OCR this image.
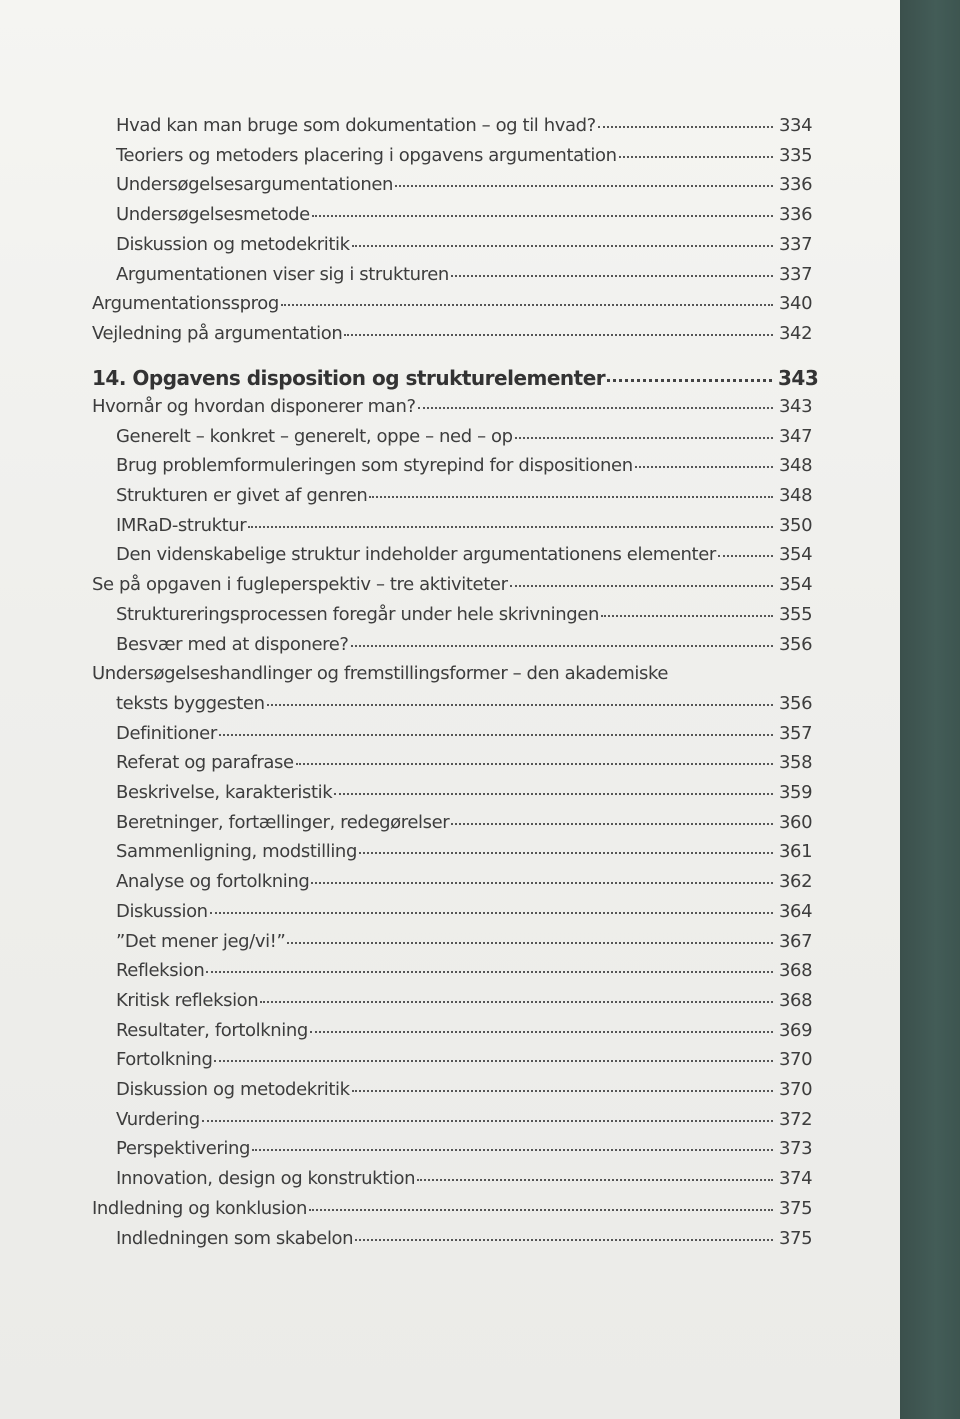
Hvad kan man bruge som dokumentation – og til hvad?	334
Teoriers og metoders placering i opgavens argumentation	335
Undersøgelsesargumentationen	336
Undersøgelsesmetode	336
Diskussion og metodekritik	337
Argumentationen viser sig i strukturen	337
Argumentationssprog	340
Vejledning på argumentation	342
14. Opgavens disposition og strukturelementer	343
Hvornår og hvordan disponerer man?	343
Generelt – konkret – generelt, oppe – ned – op	347
Brug problemformuleringen som styrepind for dispositionen	348
Strukturen er givet af genren	348
IMRaD-struktur	350
Den videnskabelige struktur indeholder argumentationens elementer	354
Se på opgaven i fugleperspektiv – tre aktiviteter	354
Struktureringsprocessen foregår under hele skrivningen	355
Besvær med at disponere?	356
Undersøgelseshandlinger og fremstillingsformer – den akademiske
teksts byggesten	356
Definitioner	357
Referat og parafrase	358
Beskrivelse, karakteristik	359
Beretninger, fortællinger, redegørelser	360
Sammenligning, modstilling	361
Analyse og fortolkning	362
Diskussion	364
”Det mener jeg/vi!”	367
Refleksion	368
Kritisk refleksion	368
Resultater, fortolkning	369
Fortolkning	370
Diskussion og metodekritik	370
Vurdering	372
Perspektivering	373
Innovation, design og konstruktion	374
Indledning og konklusion	375
Indledningen som skabelon	375
